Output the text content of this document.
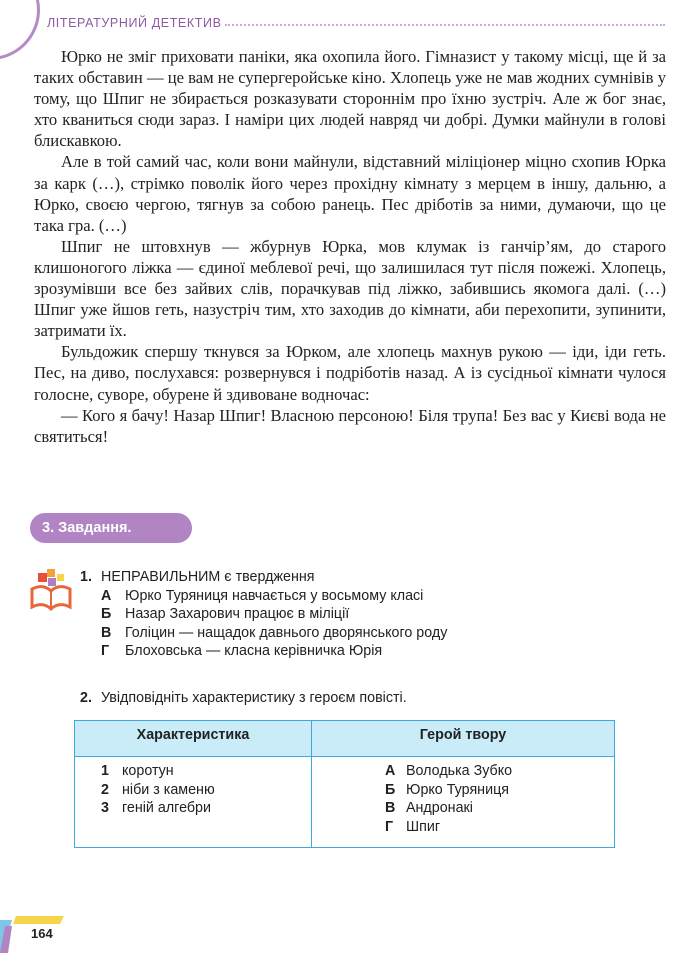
ЛІТЕРАТУРНИЙ ДЕТЕКТИВ

Юрко не зміг приховати паніки, яка охопила його. Гімназист у такому місці, ще й за таких обставин — це вам не супергеройське кіно. Хлопець уже не мав жодних сумнівів у тому, що Шпиг не збирається розказувати стороннім про їхню зустріч. Але ж бог знає, хто кваниться сюди зараз. І наміри цих людей навряд чи добрі. Думки майнули в голові блискавкою.

Але в той самий час, коли вони майнули, відставний міліціонер міцно схопив Юрка за карк (…), стрімко поволік його через прохідну кімнату з мерцем в іншу, дальню, а Юрко, своєю чергою, тягнув за собою ранець. Пес дріботів за ними, думаючи, що це така гра. (…)

Шпиг не штовхнув — жбурнув Юрка, мов клумак із ганчір’ям, до старого клишоногого ліжка — єдиної меблевої речі, що залишилася тут після пожежі. Хлопець, зрозумівши все без зайвих слів, порачкував під ліжко, забившись якомога далі. (…) Шпиг уже йшов геть, назустріч тим, хто заходив до кімнати, аби перехопити, зупинити, затримати їх.

Бульдожик спершу ткнувся за Юрком, але хлопець махнув рукою — іди, іди геть. Пес, на диво, послухався: розвернувся і подріботів назад. А із сусідньої кімнати чулося голосне, суворе, обурене й здивоване водночас:

— Кого я бачу! Назар Шпиг! Власною персоною! Біля трупа! Без вас у Києві вода не святиться!

3. Завдання.
1. НЕПРАВИЛЬНИМ є твердження
А Юрко Туряниця навчається у восьмому класі
Б Назар Захарович працює в міліції
В Голіцин — нащадок давнього дворянського роду
Г Блоховська — класна керівничка Юрія
2. Увідповідніть характеристику з героєм повісті.
Характеристика	Герой твору
1 коротун
2 ніби з каменю
3 геній алгебри
А Володька Зубко
Б Юрко Туряниця
В Андронакі
Г Шпиг
164
